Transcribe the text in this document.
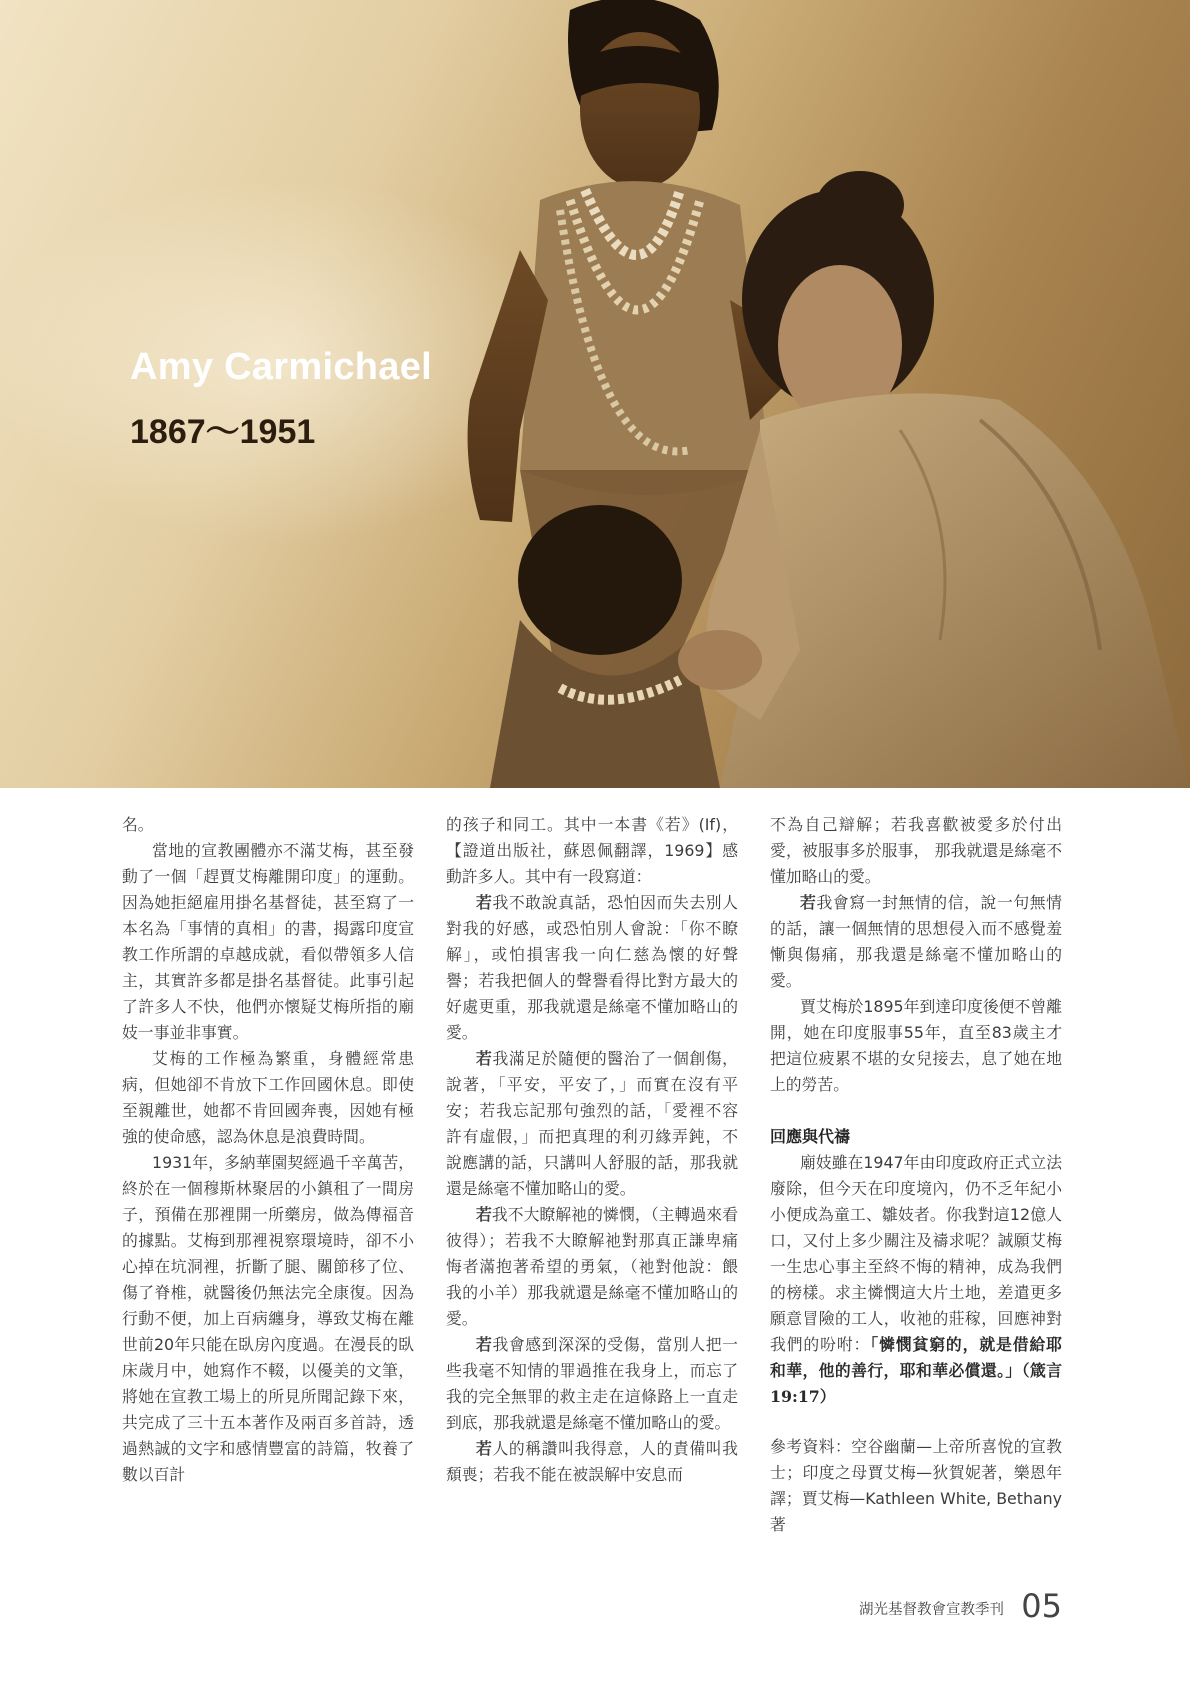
Amy Carmichael
1867～1951

名。

當地的宣教團體亦不滿艾梅，甚至發動了一個「趕賈艾梅離開印度」的運動。因為她拒絕雇用掛名基督徒，甚至寫了一本名為「事情的真相」的書，揭露印度宣教工作所謂的卓越成就，看似帶領多人信主，其實許多都是掛名基督徒。此事引起了許多人不快，他們亦懷疑艾梅所指的廟妓一事並非事實。

艾梅的工作極為繁重，身體經常患病，但她卻不肯放下工作回國休息。即使至親離世，她都不肯回國奔喪，因她有極強的使命感，認為休息是浪費時間。

1931年，多納華園契經過千辛萬苦，終於在一個穆斯林聚居的小鎮租了一間房子，預備在那裡開一所藥房，做為傳福音的據點。艾梅到那裡視察環境時，卻不小心掉在坑洞裡，折斷了腿、關節移了位、傷了脊椎，就醫後仍無法完全康復。因為行動不便，加上百病纏身，導致艾梅在離世前20年只能在臥房內度過。在漫長的臥床歲月中，她寫作不輟，以優美的文筆，將她在宣教工場上的所見所聞記錄下來，共完成了三十五本著作及兩百多首詩，透過熱誠的文字和感情豐富的詩篇，牧養了數以百計

的孩子和同工。其中一本書《若》(If)，【證道出版社，蘇恩佩翻譯，1969】感動許多人。其中有一段寫道：

若我不敢說真話，恐怕因而失去別人對我的好感，或恐怕別人會說：「你不瞭解」，或怕損害我一向仁慈為懷的好聲譽；若我把個人的聲譽看得比對方最大的好處更重，那我就還是絲毫不懂加略山的愛。

若我滿足於隨便的醫治了一個創傷，說著，「平安，平安了，」而實在沒有平安；若我忘記那句強烈的話，「愛裡不容許有虛假，」而把真理的利刃緣弄鈍，不說應講的話，只講叫人舒服的話，那我就還是絲毫不懂加略山的愛。

若我不大瞭解祂的憐憫，（主轉過來看彼得）；若我不大瞭解祂對那真正謙卑痛悔者滿抱著希望的勇氣，（祂對他說：餵我的小羊）那我就還是絲毫不懂加略山的愛。

若我會感到深深的受傷，當別人把一些我毫不知情的罪過推在我身上，而忘了我的完全無罪的救主走在這條路上一直走到底，那我就還是絲毫不懂加略山的愛。

若人的稱讚叫我得意，人的責備叫我頹喪；若我不能在被誤解中安息而

不為自己辯解；若我喜歡被愛多於付出愛，被服事多於服事， 那我就還是絲毫不懂加略山的愛。

若我會寫一封無情的信，說一句無情的話，讓一個無情的思想侵入而不感覺羞慚與傷痛，那我還是絲毫不懂加略山的愛。

賈艾梅於1895年到達印度後便不曾離開，她在印度服事55年，直至83歲主才把這位疲累不堪的女兒接去，息了她在地上的勞苦。

回應與代禱

廟妓雖在1947年由印度政府正式立法廢除，但今天在印度境內，仍不乏年紀小小便成為童工、雛妓者。你我對這12億人口，又付上多少關注及禱求呢？誠願艾梅一生忠心事主至終不悔的精神，成為我們的榜樣。求主憐憫這大片土地，差遣更多願意冒險的工人，收祂的莊稼，回應神對我們的吩咐：「憐憫貧窮的，就是借給耶和華，他的善行，耶和華必償還。」（箴言19:17）

參考資料：空谷幽蘭—上帝所喜悅的宣教士；印度之母賈艾梅—狄賀妮著，樂恩年譯；賈艾梅—Kathleen White, Bethany著

湖光基督教會宣教季刊 05
